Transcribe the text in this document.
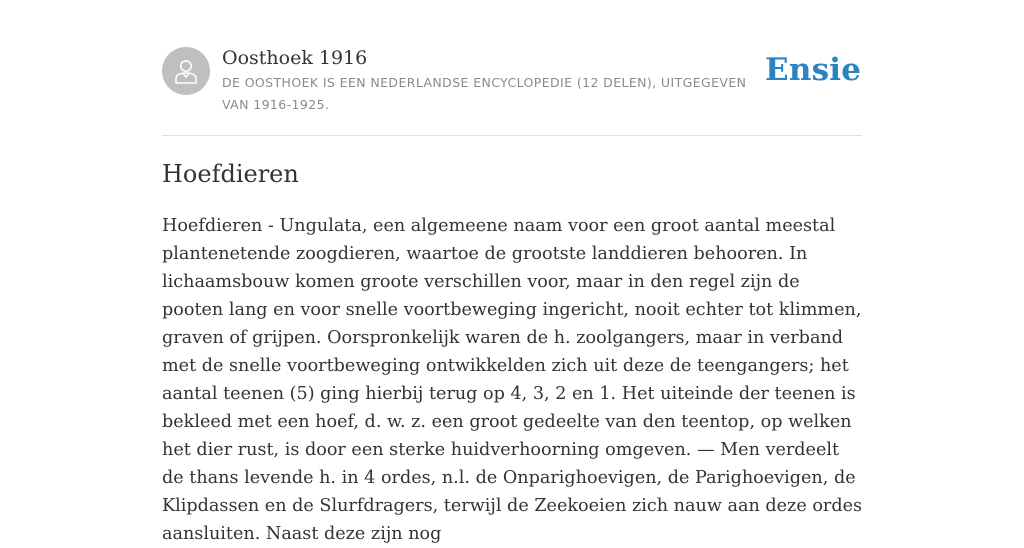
Oosthoek 1916
DE OOSTHOEK IS EEN NEDERLANDSE ENCYCLOPEDIE (12 DELEN), UITGEGEVEN VAN 1916-1925.
Ensie
Hoefdieren

Hoefdieren - Ungulata, een algemeene naam voor een groot aantal meestal plantenetende zoogdieren, waartoe de grootste landdieren behooren. In lichaamsbouw komen groote verschillen voor, maar in den regel zijn de pooten lang en voor snelle voortbeweging ingericht, nooit echter tot klimmen, graven of grijpen. Oorspronkelijk waren de h. zoolgangers, maar in verband met de snelle voortbeweging ontwikkelden zich uit deze de teengangers; het aantal teenen (5) ging hierbij terug op 4, 3, 2 en 1. Het uiteinde der teenen is bekleed met een hoef, d. w. z. een groot gedeelte van den teentop, op welken het dier rust, is door een sterke huidverhoorning omgeven. — Men verdeelt de thans levende h. in 4 ordes, n.l. de Onparighoevigen, de Parighoevigen, de Klipdassen en de Slurfdragers, terwijl de Zeekoeien zich nauw aan deze ordes aansluiten. Naast deze zijn nog
